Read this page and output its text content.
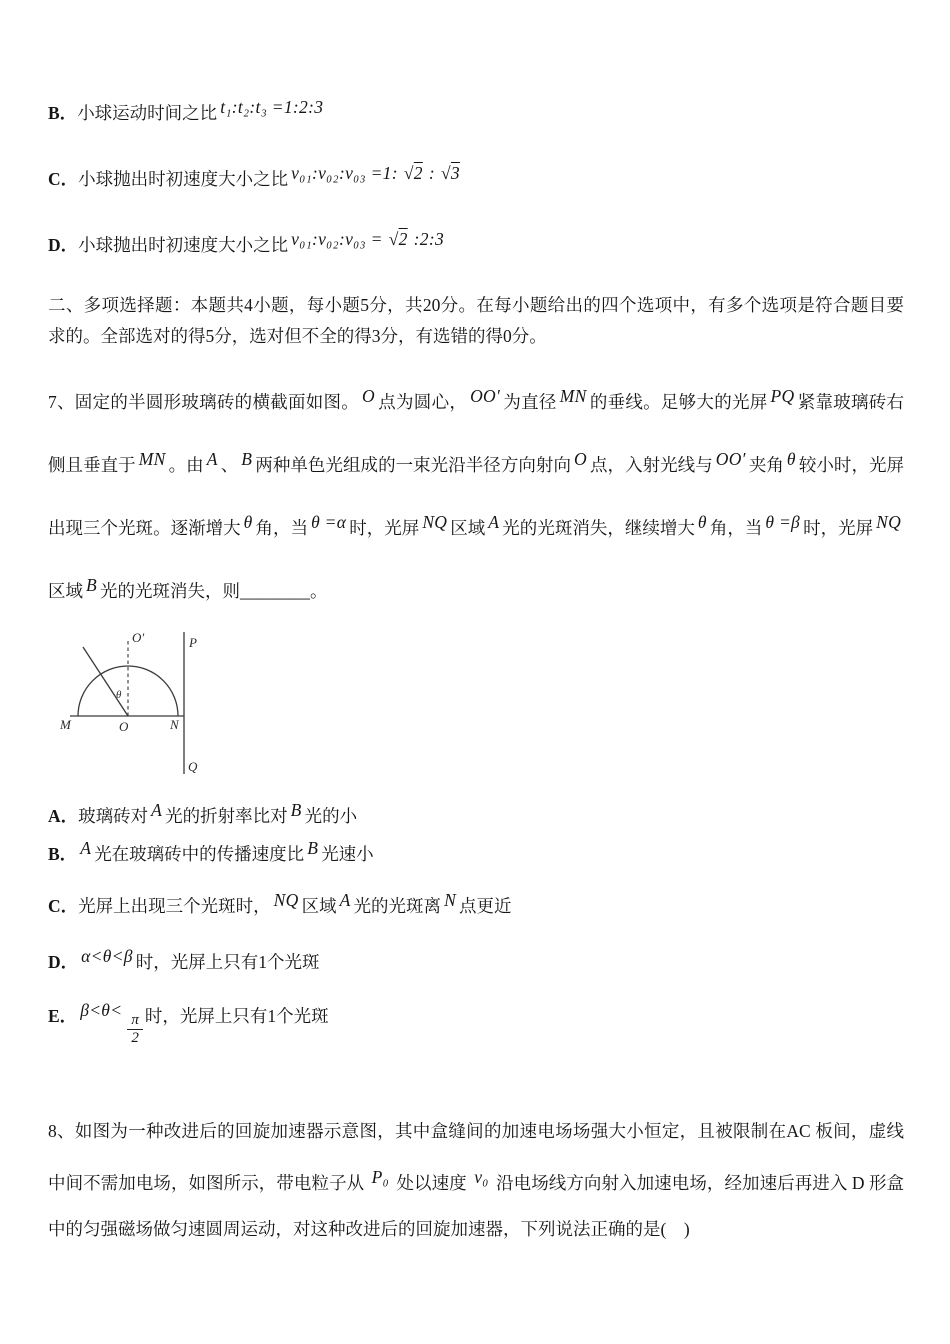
B．小球运动时间之比 t₁:t₂:t₃ =1:2:3

C．小球抛出时初速度大小之比 v₀₁:v₀₂:v₀₃ =1: √2 : √3

D．小球抛出时初速度大小之比 v₀₁:v₀₂:v₀₃ = √2 :2:3

二、多项选择题：本题共4小题，每小题5分，共20分。在每小题给出的四个选项中，有多个选项是符合题目要求的。全部选对的得5分，选对但不全的得3分，有选错的得0分。

7、固定的半圆形玻璃砖的横截面如图。 O 点为圆心， OO′ 为直径 MN 的垂线。足够大的光屏 PQ 紧靠玻璃砖右侧且垂直于 MN 。由 A 、 B 两种单色光组成的一束光沿半径方向射向 O 点，入射光线与 OO′ 夹角 θ 较小时，光屏出现三个光斑。逐渐增大 θ 角，当 θ =α 时，光屏 NQ 区域 A 光的光斑消失，继续增大 θ 角，当 θ =β 时，光屏 NQ区域 B 光的光斑消失，则________。

O′	P
θ
M	O	N
Q

A．玻璃砖对 A 光的折射率比对 B 光的小

B． A 光在玻璃砖中的传播速度比 B 光速小

C．光屏上出现三个光斑时， NQ 区域 A 光的光斑离 N 点更近

D． α<θ<β 时，光屏上只有1个光斑

E． β<θ<
$\frac{\pi}{2}$ 时，光屏上只有1个光斑

8、如图为一种改进后的回旋加速器示意图，其中盒缝间的加速电场场强大小恒定，且被限制在AC 板间，虚线中间不需加电场，如图所示，带电粒子从 P₀ 处以速度 v₀ 沿电场线方向射入加速电场，经加速后再进入 D 形盒中的匀强磁场做匀速圆周运动，对这种改进后的回旋加速器，下列说法正确的是(　)
